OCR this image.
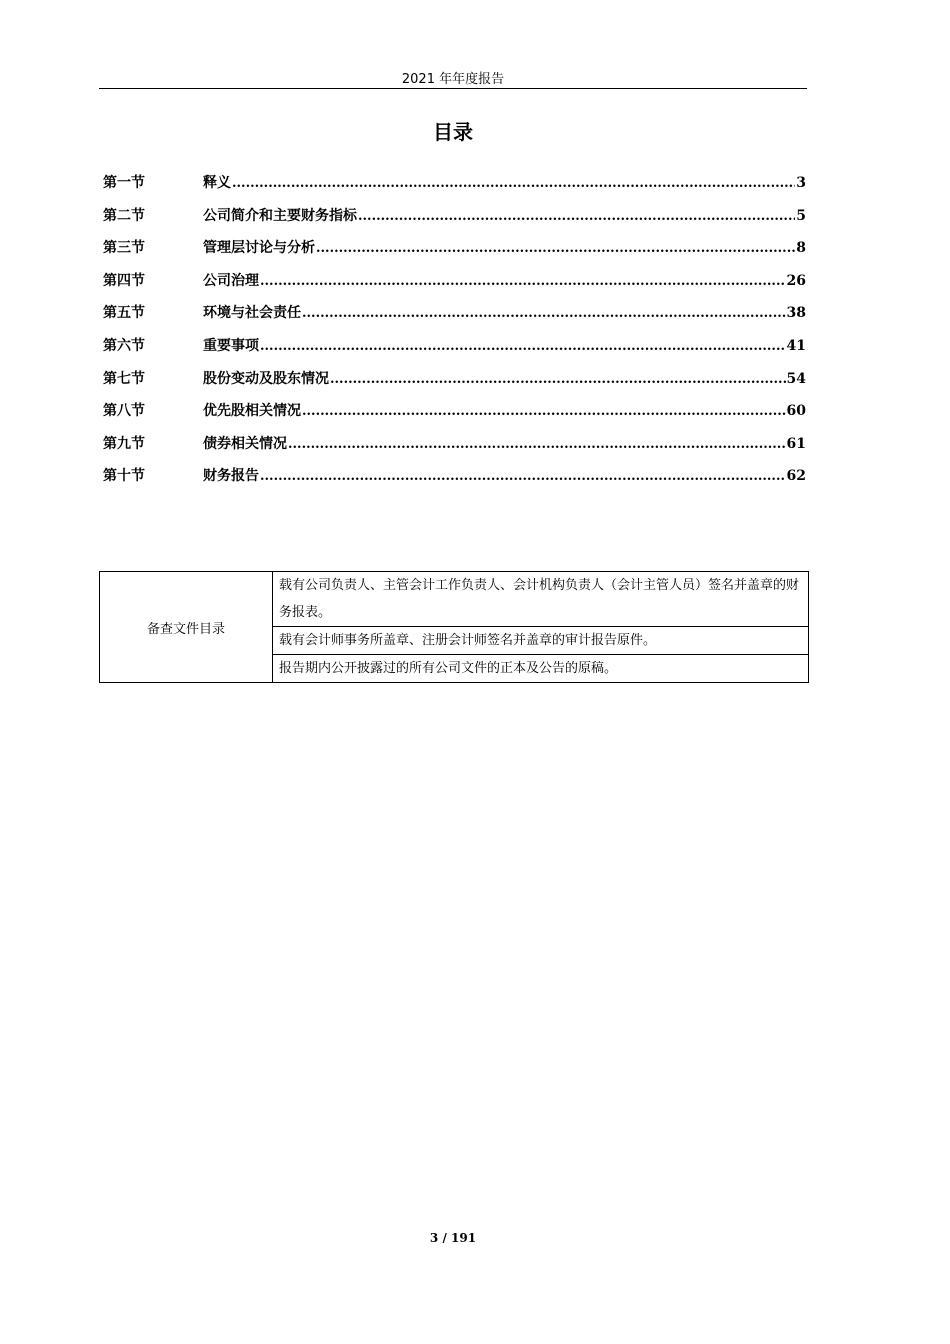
2021 年年度报告
目录
第一节	释义 .....	3
第二节	公司简介和主要财务指标 .....	5
第三节	管理层讨论与分析 .....	8
第四节	公司治理 .....	26
第五节	环境与社会责任 .....	38
第六节	重要事项 .....	41
第七节	股份变动及股东情况 .....	54
第八节	优先股相关情况 .....	60
第九节	债券相关情况 .....	61
第十节	财务报告 .....	62
备查文件目录	载有公司负责人、主管会计工作负责人、会计机构负责人（会计主管人员）签名并盖章的财务报表。
载有会计师事务所盖章、注册会计师签名并盖章的审计报告原件。
报告期内公开披露过的所有公司文件的正本及公告的原稿。
3 / 191
